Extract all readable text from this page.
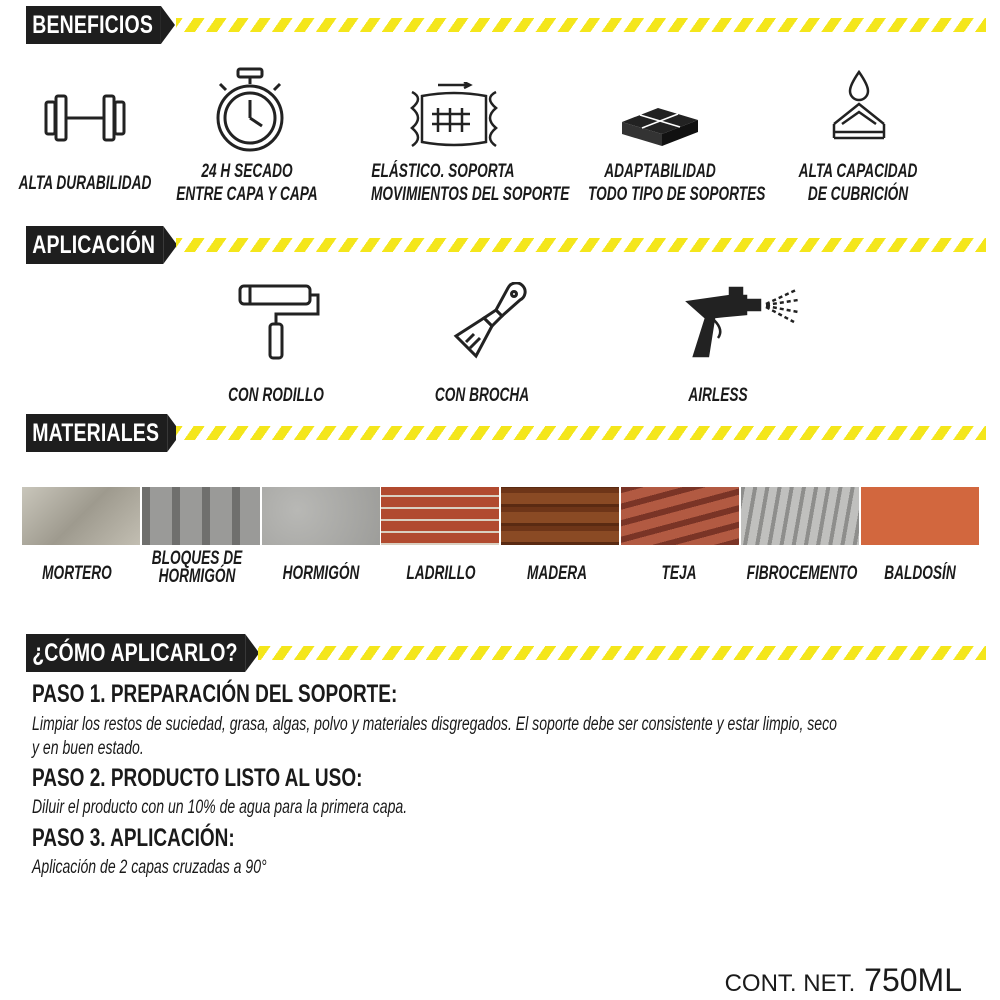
BENEFICIOS
ALTA DURABILIDAD
24 H SECADO
ENTRE CAPA Y CAPA
ELÁSTICO. SOPORTA
MOVIMIENTOS DEL SOPORTE
ADAPTABILIDAD
TODO TIPO DE SOPORTES
ALTA CAPACIDAD
DE CUBRICIÓN
APLICACIÓN
CON RODILLO	CON BROCHA	AIRLESS
MATERIALES
MORTERO
BLOQUES DE
HORMIGÓN	HORMIGÓN	LADRILLO	MADERA	TEJA	FIBROCEMENTO	BALDOSÍN
¿CÓMO APLICARLO?
PASO 1. PREPARACIÓN DEL SOPORTE:
Limpiar los restos de suciedad, grasa, algas, polvo y materiales disgregados. El soporte debe ser consistente y estar limpio, seco
y en buen estado.
PASO 2. PRODUCTO LISTO AL USO:
Diluir el producto con un 10% de agua para la primera capa.
PASO 3. APLICACIÓN:
Aplicación de 2 capas cruzadas a 90°
CONT. NET. 750ML
